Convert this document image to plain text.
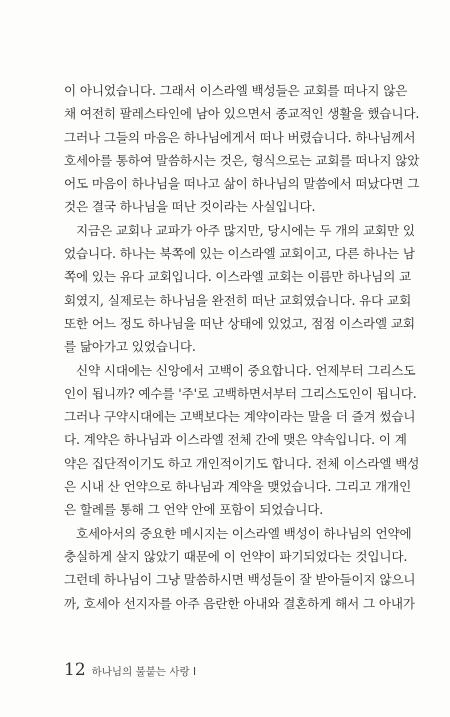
이 아니었습니다. 그래서 이스라엘 백성들은 교회를 떠나지 않은
채 여전히 팔레스타인에 남아 있으면서 종교적인 생활을 했습니다.
그러나 그들의 마음은 하나님에게서 떠나 버렸습니다. 하나님께서
호세아를 통하여 말씀하시는 것은, 형식으로는 교회를 떠나지 않았
어도 마음이 하나님을 떠나고 삶이 하나님의 말씀에서 떠났다면 그
것은 결국 하나님을 떠난 것이라는 사실입니다.
지금은 교회나 교파가 아주 많지만, 당시에는 두 개의 교회만 있
었습니다. 하나는 북쪽에 있는 이스라엘 교회이고, 다른 하나는 남
쪽에 있는 유다 교회입니다. 이스라엘 교회는 이름만 하나님의 교
회였지, 실제로는 하나님을 완전히 떠난 교회였습니다. 유다 교회
또한 어느 정도 하나님을 떠난 상태에 있었고, 점점 이스라엘 교회
를 닮아가고 있었습니다.
신약 시대에는 신앙에서 고백이 중요합니다. 언제부터 그리스도
인이 됩니까? 예수를 '주'로 고백하면서부터 그리스도인이 됩니다.
그러나 구약시대에는 고백보다는 계약이라는 말을 더 즐겨 썼습니
다. 계약은 하나님과 이스라엘 전체 간에 맺은 약속입니다. 이 계
약은 집단적이기도 하고 개인적이기도 합니다. 전체 이스라엘 백성
은 시내 산 언약으로 하나님과 계약을 맺었습니다. 그리고 개개인
은 할례를 통해 그 언약 안에 포함이 되었습니다.
호세아서의 중요한 메시지는 이스라엘 백성이 하나님의 언약에
충실하게 살지 않았기 때문에 이 언약이 파기되었다는 것입니다.
그런데 하나님이 그냥 말씀하시면 백성들이 잘 받아들이지 않으니
까, 호세아 선지자를 아주 음란한 아내와 결혼하게 해서 그 아내가
12 하나님의 불붙는 사랑 I
